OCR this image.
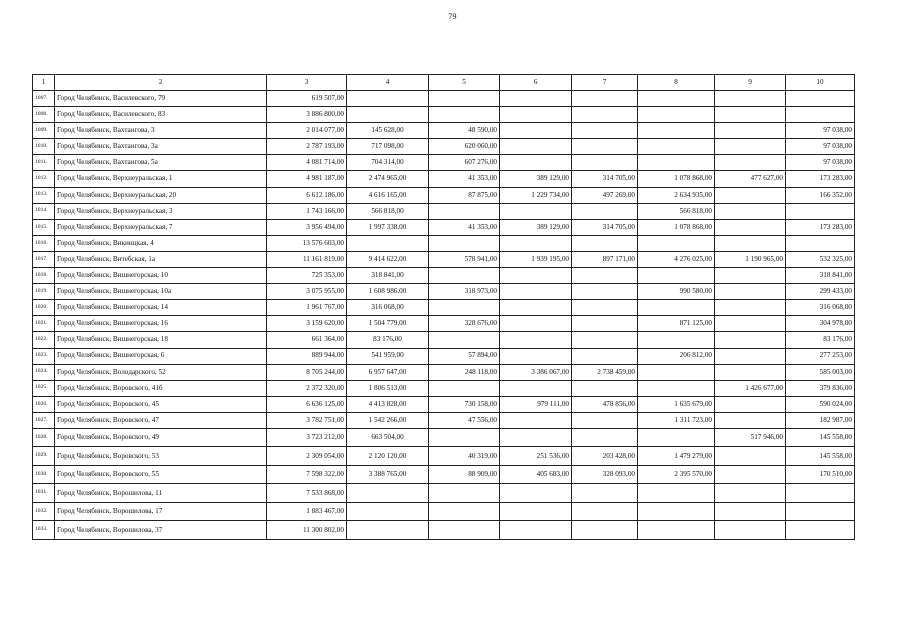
79
1	2	3	4	5	6	7	8	9	10
1007.	Город Челябинск, Василевского, 79	619 507,00							
1008.	Город Челябинск, Василевского, 83	3 886 800,00							
1009.	Город Челябинск, Вахтангова, 3	2 014 077,00	145 628,00	48 590,00					97 038,00
1010.	Город Челябинск, Вахтангова, 3а	2 787 193,00	717 098,00	620 060,00					97 038,00
1011.	Город Челябинск, Вахтангова, 5а	4 081 714,00	704 314,00	607 276,00					97 038,00
1012.	Город Челябинск, Верхнеуральская, 1	4 981 187,00	2 474 965,00	41 353,00	389 129,00	314 705,00	1 078 868,00	477 627,00	173 283,00
1013.	Город Челябинск, Верхнеуральская, 20	6 612 186,00	4 616 165,00	87 875,00	1 229 734,00	497 269,00	2 634 935,00		166 352,00
1014.	Город Челябинск, Верхнеуральская, 3	1 743 166,00	566 818,00				566 818,00		
1015.	Город Челябинск, Верхнеуральская, 7	3 956 494,00	1 997 338,00	41 353,00	389 129,00	314 705,00	1 078 868,00		173 283,00
1016.	Город Челябинск, Викинцкая, 4	13 576 603,00							
1017.	Город Челябинск, Витебская, 1а	11 161 819,00	9 414 622,00	578 941,00	1 939 195,00	897 171,00	4 276 025,00	1 190 965,00	532 325,00
1018.	Город Челябинск, Вишнегорская, 10	725 353,00	318 841,00						318 841,00
1019.	Город Челябинск, Вишнегорская, 10а	3 075 955,00	1 608 986,00	318 973,00			990 580,00		299 433,00
1020.	Город Челябинск, Вишнегорская, 14	1 961 767,00	316 068,00						316 068,00
1021.	Город Челябинск, Вишнегорская, 16	3 159 620,00	1 504 779,00	328 676,00			871 125,00		304 978,00
1022.	Город Челябинск, Вишнегорская, 18	661 364,00	83 176,00						83 176,00
1023.	Город Челябинск, Вишнегорская, 6	889 944,00	541 959,00	57 894,00			206 812,00		277 253,00
1024.	Город Челябинск, Володарского, 52	8 705 244,00	6 957 647,00	248 118,00	3 386 067,00	2 738 459,00			585 003,00
1025.	Город Челябинск, Воровского, 41б	2 372 320,00	1 806 513,00					1 426 677,00	379 836,00
1026.	Город Челябинск, Воровского, 45	6 636 125,00	4 413 828,00	730 158,00	979 111,00	478 856,00	1 635 679,00		590 024,00
1027.	Город Челябинск, Воровского, 47	3 782 751,00	1 542 266,00	47 556,00			1 311 723,00		182 987,00
1028.	Город Челябинск, Воровского, 49	3 723 212,00	663 504,00					517 946,00	145 558,00
1029.	Город Челябинск, Воровского, 53	2 309 054,00	2 120 120,00	40 319,00	251 536,00	203 428,00	1 479 279,00		145 558,00
1030.	Город Челябинск, Воровского, 55	7 598 322,00	3 388 765,00	88 909,00	405 683,00	328 093,00	2 395 570,00		170 510,00
1031.	Город Челябинск, Ворошилова, 11	7 533 868,00							
1032.	Город Челябинск, Ворошилова, 17	1 883 467,00							
1033.	Город Челябинск, Ворошилова, 37	11 300 802,00							
